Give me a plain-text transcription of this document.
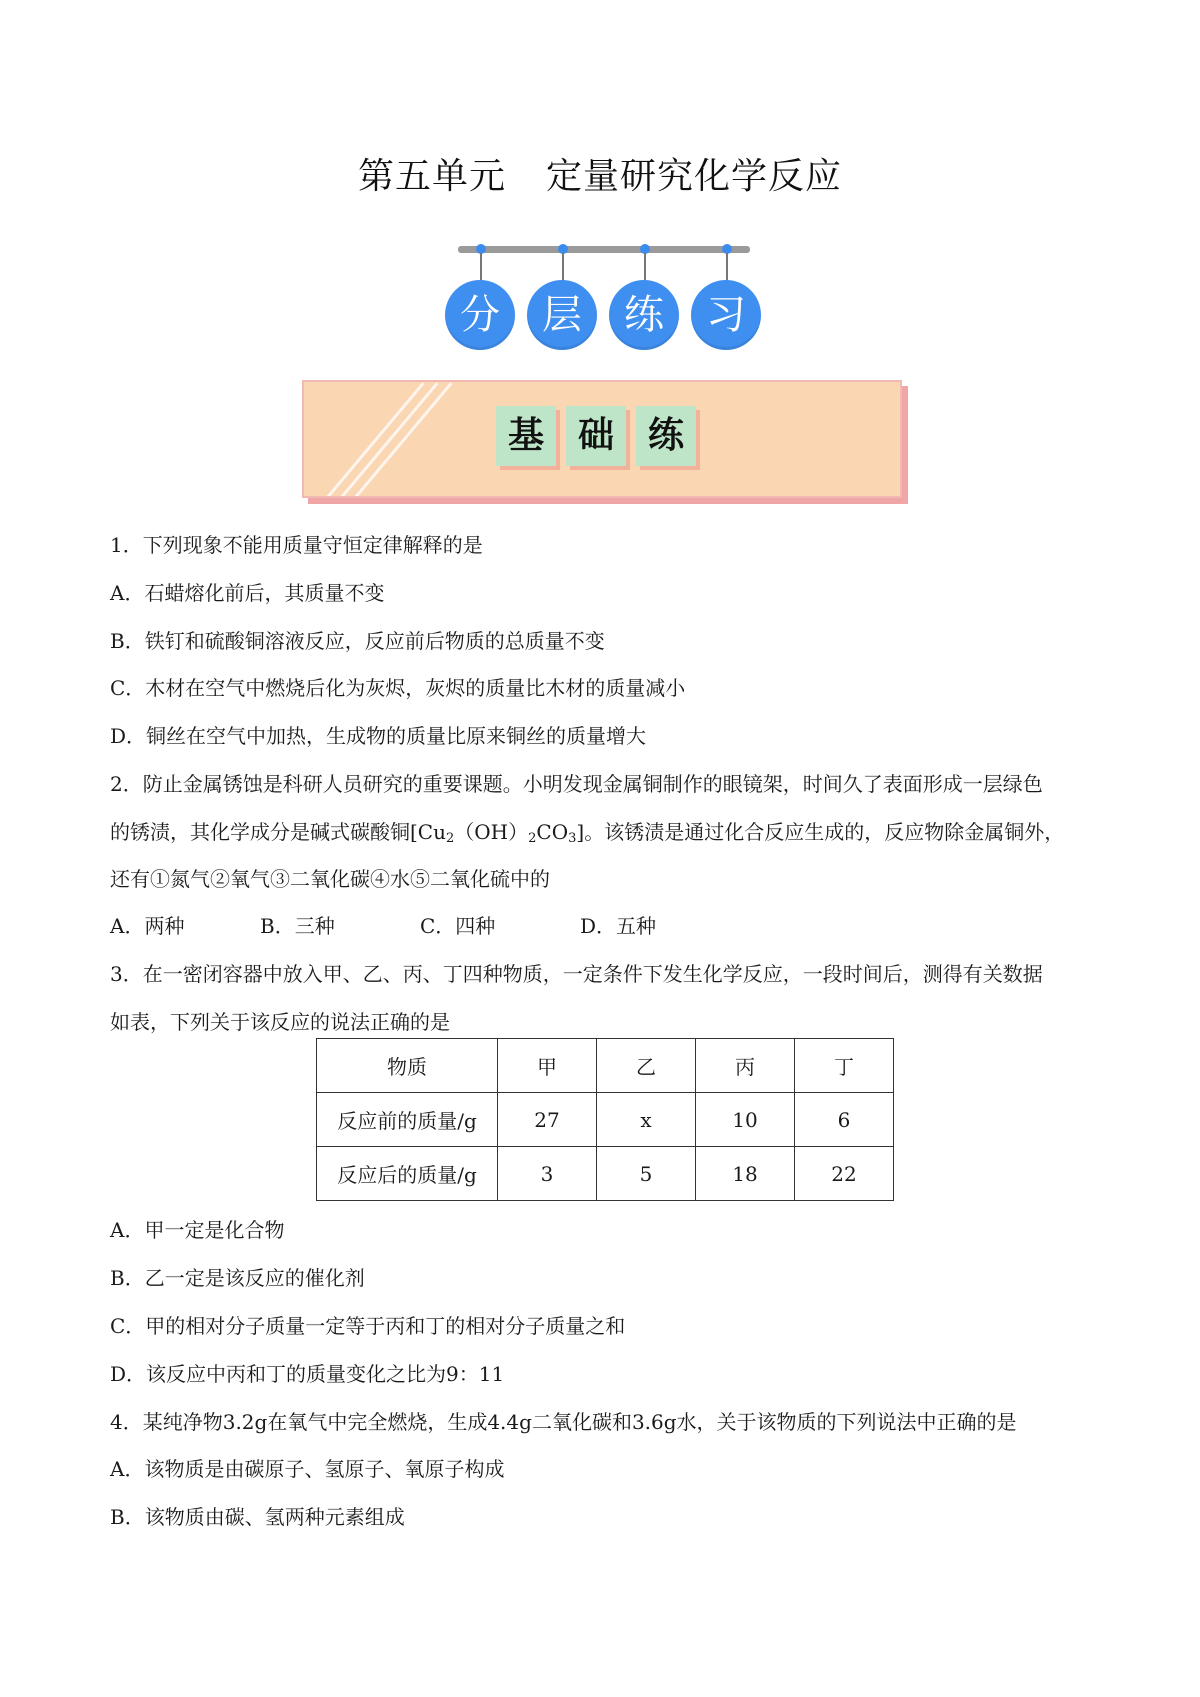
第五单元 定量研究化学反应
分	层	练	习
基 础 练
1．下列现象不能用质量守恒定律解释的是
A．石蜡熔化前后，其质量不变
B．铁钉和硫酸铜溶液反应，反应前后物质的总质量不变
C．木材在空气中燃烧后化为灰烬，灰烬的质量比木材的质量减小
D．铜丝在空气中加热，生成物的质量比原来铜丝的质量增大
2．防止金属锈蚀是科研人员研究的重要课题。小明发现金属铜制作的眼镜架，时间久了表面形成一层绿色
的锈渍，其化学成分是碱式碳酸铜$[Cu_2(OH)_2CO_3]$。该锈渍是通过化合反应生成的，反应物除金属铜外，
还有①氮气②氧气③二氧化碳④水⑤二氧化硫中的
A．两种	B．三种	C．四种	D．五种
3．在一密闭容器中放入甲、乙、丙、丁四种物质，一定条件下发生化学反应，一段时间后，测得有关数据
如表，下列关于该反应的说法正确的是
A．甲一定是化合物
B．乙一定是该反应的催化剂
C．甲的相对分子质量一定等于丙和丁的相对分子质量之和
D．该反应中丙和丁的质量变化之比为9：11
4．某纯净物3.2g在氧气中完全燃烧，生成4.4g二氧化碳和3.6g水，关于该物质的下列说法中正确的是
A．该物质是由碳原子、氢原子、氧原子构成
B．该物质由碳、氢两种元素组成
物质	甲	乙	丙	丁
反应前的质量/g	27	x	10	6
反应后的质量/g	3	5	18	22
